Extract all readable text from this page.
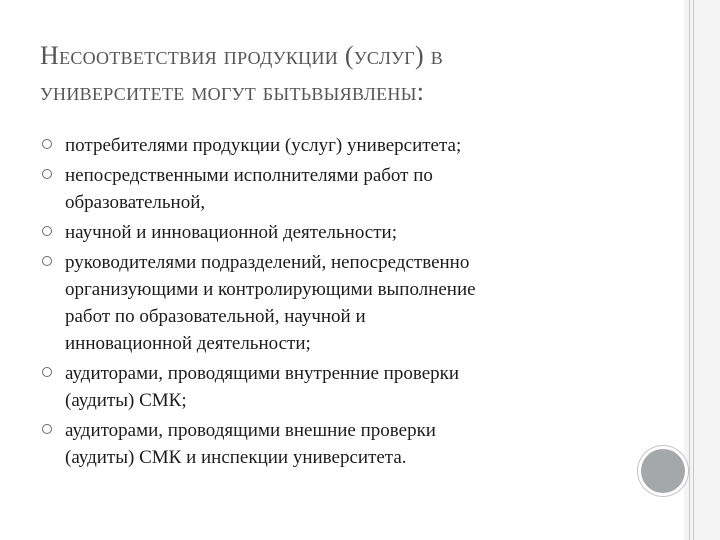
Несоответствия продукции (услуг) в
университете могут бытьвыявлены:
потребителями продукции (услуг) университета;
непосредственными исполнителями работ по
образовательной,
научной и инновационной деятельности;
руководителями подразделений, непосредственно
организующими и контролирующими выполнение
работ по образовательной, научной и
инновационной деятельности;
аудиторами, проводящими внутренние проверки
(аудиты) СМК;
аудиторами, проводящими внешние проверки
(аудиты) СМК и инспекции университета.
